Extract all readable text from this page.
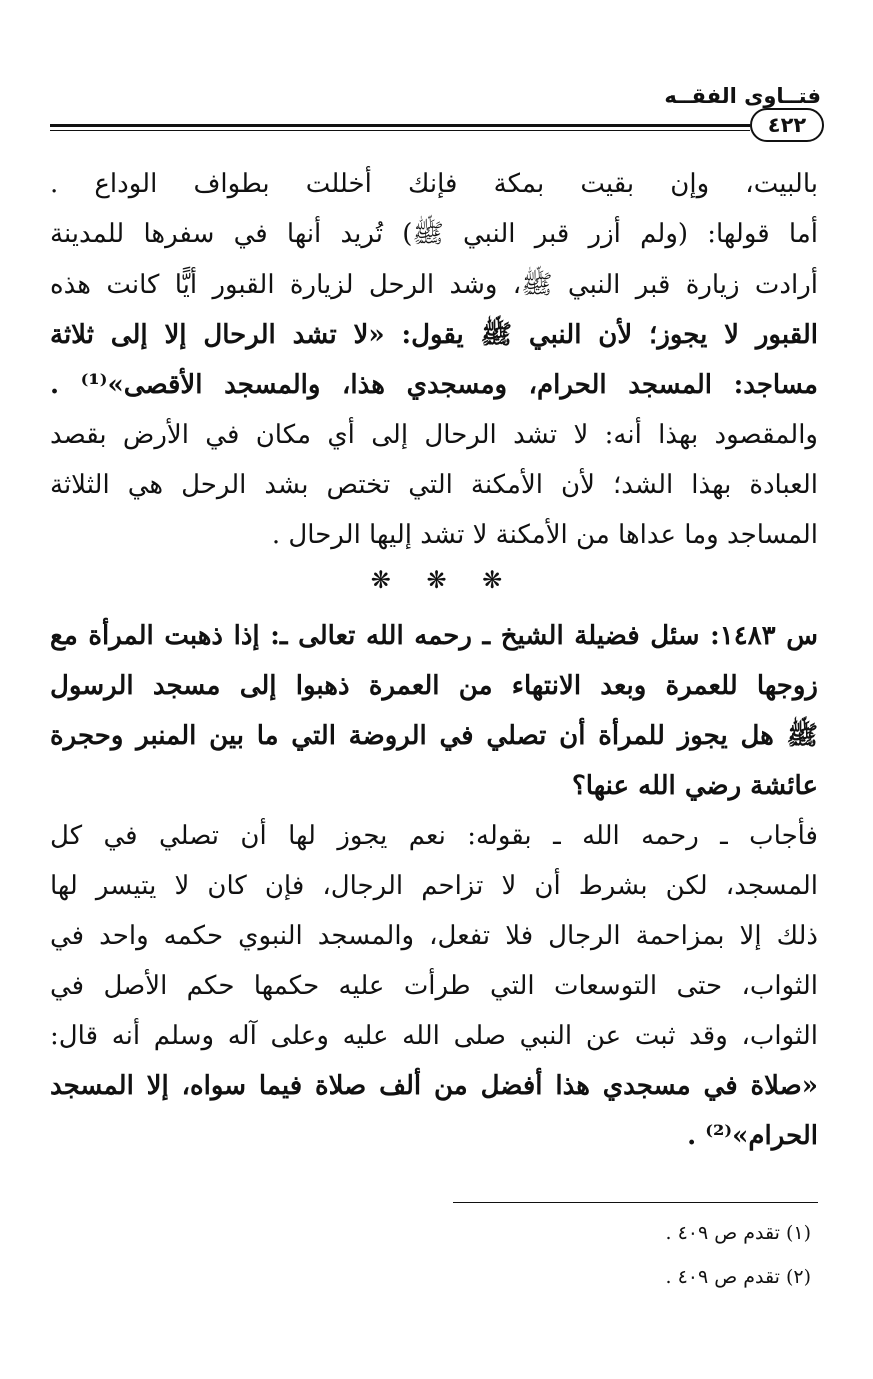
فتــاوى الفقــه
٤٢٢
بالبيت، وإن بقيت بمكة فإنك أخللت بطواف الوداع .
أما قولها: (ولم أزر قبر النبي ﷺ) تُريد أنها في سفرها للمدينة
أرادت زيارة قبر النبي ﷺ، وشد الرحل لزيارة القبور أيًّا كانت هذه
القبور لا يجوز؛ لأن النبي ﷺ يقول: «لا تشد الرحال إلا إلى ثلاثة
مساجد: المسجد الحرام، ومسجدي هذا، والمسجد الأقصى»⁽¹⁾ .
والمقصود بهذا أنه: لا تشد الرحال إلى أي مكان في الأرض بقصد
العبادة بهذا الشد؛ لأن الأمكنة التي تختص بشد الرحل هي الثلاثة
المساجد وما عداها من الأمكنة لا تشد إليها الرحال .
❋ ❋ ❋
س ١٤٨٣: سئل فضيلة الشيخ ـ رحمه الله تعالى ـ: إذا ذهبت المرأة مع
زوجها للعمرة وبعد الانتهاء من العمرة ذهبوا إلى مسجد الرسول
ﷺ هل يجوز للمرأة أن تصلي في الروضة التي ما بين المنبر وحجرة
عائشة رضي الله عنها؟
فأجاب ـ رحمه الله ـ بقوله: نعم يجوز لها أن تصلي في كل
المسجد، لكن بشرط أن لا تزاحم الرجال، فإن كان لا يتيسر لها
ذلك إلا بمزاحمة الرجال فلا تفعل، والمسجد النبوي حكمه واحد في
الثواب، حتى التوسعات التي طرأت عليه حكمها حكم الأصل في
الثواب، وقد ثبت عن النبي صلى الله عليه وعلى آله وسلم أنه قال:
«صلاة في مسجدي هذا أفضل من ألف صلاة فيما سواه، إلا المسجد
الحرام»⁽²⁾ .
(١) تقدم ص ٤٠٩ .
(٢) تقدم ص ٤٠٩ .
